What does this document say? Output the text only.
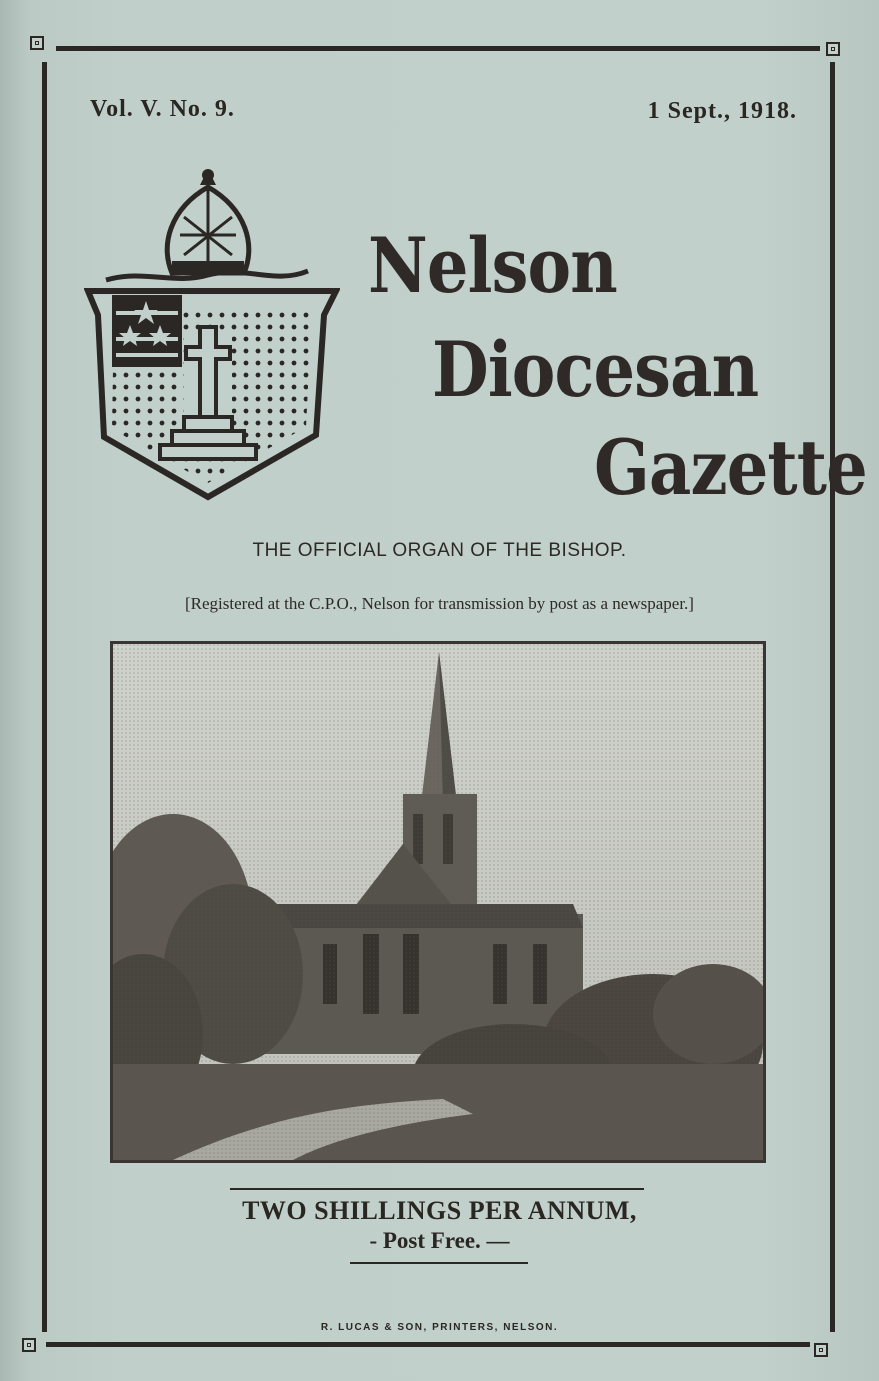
Vol. V. No. 9.	1 Sept., 1918.
Nelson
Diocesan
Gazette
THE OFFICIAL ORGAN OF THE BISHOP.
[Registered at the C.P.O., Nelson for transmission by post as a newspaper.]
TWO SHILLINGS PER ANNUM,
- Post Free. —
R. LUCAS & SON, PRINTERS, NELSON.
